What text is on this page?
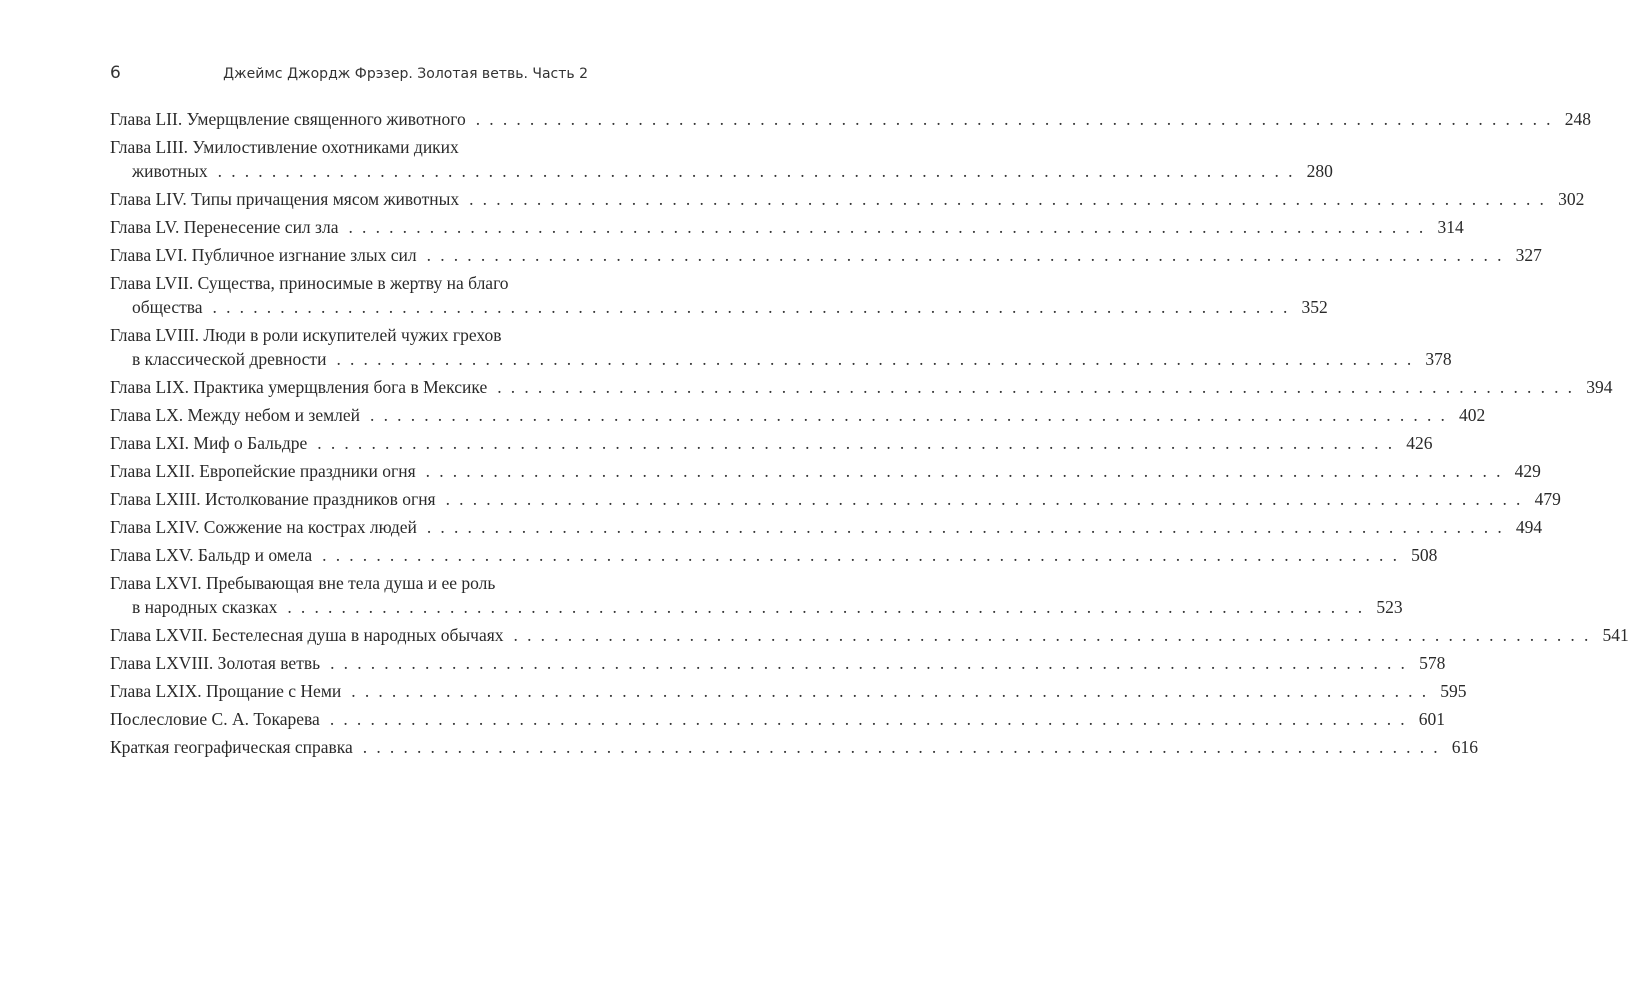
6	Джеймс Джордж Фрэзер. Золотая ветвь. Часть 2
Глава LII. Умерщвление священного животного . . . . . . . . . . . . . . . . . . . . . . . . . . . . . . . . . . . . . . . . . . . . . . . . . . . . . . . . . . . . . . . . . . . . . . . . . . . . . . . . 248
Глава LIII. Умилостивление охотниками диких
животных . . . . . . . . . . . . . . . . . . . . . . . . . . . . . . . . . . . . . . . . . . . . . . . . . . . . . . . . . . . . . . . . . . . . . . . . . . . . . . . . 280
Глава LIV. Типы причащения мясом животных . . . . . . . . . . . . . . . . . . . . . . . . . . . . . . . . . . . . . . . . . . . . . . . . . . . . . . . . . . . . . . . . . . . . . . . . . . . . . . . . 302
Глава LV. Перенесение сил зла . . . . . . . . . . . . . . . . . . . . . . . . . . . . . . . . . . . . . . . . . . . . . . . . . . . . . . . . . . . . . . . . . . . . . . . . . . . . . . . . 314
Глава LVI. Публичное изгнание злых сил . . . . . . . . . . . . . . . . . . . . . . . . . . . . . . . . . . . . . . . . . . . . . . . . . . . . . . . . . . . . . . . . . . . . . . . . . . . . . . . . 327
Глава LVII. Существа, приносимые в жертву на благо
общества . . . . . . . . . . . . . . . . . . . . . . . . . . . . . . . . . . . . . . . . . . . . . . . . . . . . . . . . . . . . . . . . . . . . . . . . . . . . . . . . 352
Глава LVIII. Люди в роли искупителей чужих грехов
в классической древности . . . . . . . . . . . . . . . . . . . . . . . . . . . . . . . . . . . . . . . . . . . . . . . . . . . . . . . . . . . . . . . . . . . . . . . . . . . . . . . . 378
Глава LIX. Практика умерщвления бога в Мексике . . . . . . . . . . . . . . . . . . . . . . . . . . . . . . . . . . . . . . . . . . . . . . . . . . . . . . . . . . . . . . . . . . . . . . . . . . . . . . . . 394
Глава LX. Между небом и землей . . . . . . . . . . . . . . . . . . . . . . . . . . . . . . . . . . . . . . . . . . . . . . . . . . . . . . . . . . . . . . . . . . . . . . . . . . . . . . . . 402
Глава LXI. Миф о Бальдре . . . . . . . . . . . . . . . . . . . . . . . . . . . . . . . . . . . . . . . . . . . . . . . . . . . . . . . . . . . . . . . . . . . . . . . . . . . . . . . . 426
Глава LXII. Европейские праздники огня . . . . . . . . . . . . . . . . . . . . . . . . . . . . . . . . . . . . . . . . . . . . . . . . . . . . . . . . . . . . . . . . . . . . . . . . . . . . . . . . 429
Глава LXIII. Истолкование праздников огня . . . . . . . . . . . . . . . . . . . . . . . . . . . . . . . . . . . . . . . . . . . . . . . . . . . . . . . . . . . . . . . . . . . . . . . . . . . . . . . . 479
Глава LXIV. Сожжение на кострах людей . . . . . . . . . . . . . . . . . . . . . . . . . . . . . . . . . . . . . . . . . . . . . . . . . . . . . . . . . . . . . . . . . . . . . . . . . . . . . . . . 494
Глава LXV. Бальдр и омела . . . . . . . . . . . . . . . . . . . . . . . . . . . . . . . . . . . . . . . . . . . . . . . . . . . . . . . . . . . . . . . . . . . . . . . . . . . . . . . . 508
Глава LXVI. Пребывающая вне тела душа и ее роль
в народных сказках . . . . . . . . . . . . . . . . . . . . . . . . . . . . . . . . . . . . . . . . . . . . . . . . . . . . . . . . . . . . . . . . . . . . . . . . . . . . . . . . 523
Глава LXVII. Бестелесная душа в народных обычаях . . . . . . . . . . . . . . . . . . . . . . . . . . . . . . . . . . . . . . . . . . . . . . . . . . . . . . . . . . . . . . . . . . . . . . . . . . . . . . . . 541
Глава LXVIII. Золотая ветвь . . . . . . . . . . . . . . . . . . . . . . . . . . . . . . . . . . . . . . . . . . . . . . . . . . . . . . . . . . . . . . . . . . . . . . . . . . . . . . . . 578
Глава LXIX. Прощание с Неми . . . . . . . . . . . . . . . . . . . . . . . . . . . . . . . . . . . . . . . . . . . . . . . . . . . . . . . . . . . . . . . . . . . . . . . . . . . . . . . . 595
Послесловие С. А. Токарева . . . . . . . . . . . . . . . . . . . . . . . . . . . . . . . . . . . . . . . . . . . . . . . . . . . . . . . . . . . . . . . . . . . . . . . . . . . . . . . . 601
Краткая географическая справка . . . . . . . . . . . . . . . . . . . . . . . . . . . . . . . . . . . . . . . . . . . . . . . . . . . . . . . . . . . . . . . . . . . . . . . . . . . . . . . . 616
